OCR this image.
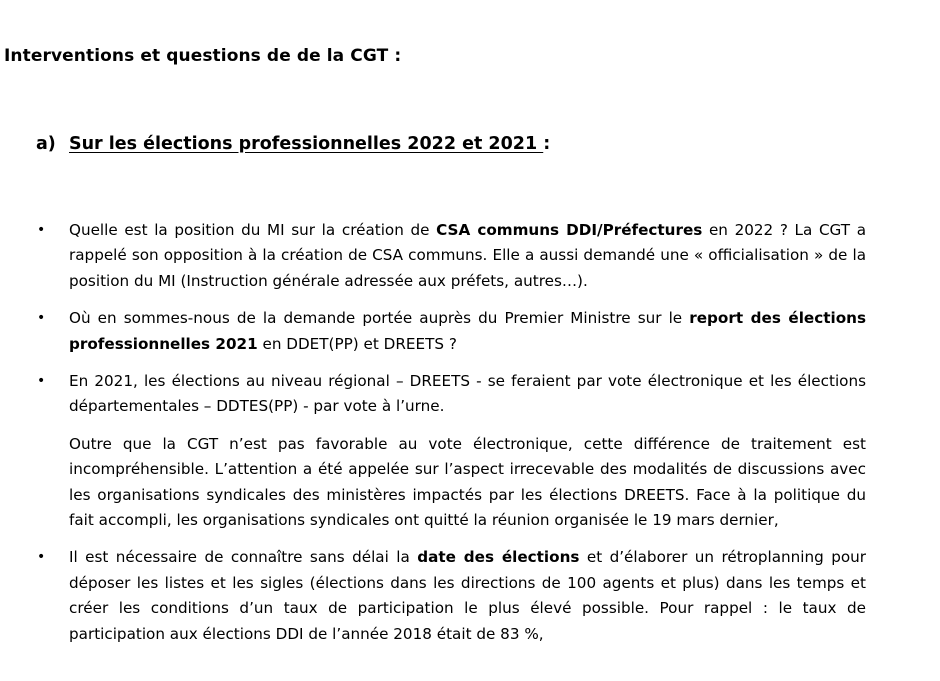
Interventions et questions de de la CGT :
a) Sur les élections professionnelles 2022 et 2021 :
• Quelle est la position du MI sur la création de CSA communs DDI/Préfectures en 2022 ? La CGT a rappelé son opposition à la création de CSA communs. Elle a aussi demandé une « officialisation » de la position du MI (Instruction générale adressée aux préfets, autres…).

• Où en sommes-nous de la demande portée auprès du Premier Ministre sur le report des élections professionnelles 2021 en DDET(PP) et DREETS ?

• En 2021, les élections au niveau régional – DREETS - se feraient par vote électronique et les élections départementales – DDTES(PP) - par vote à l’urne.

Outre que la CGT n’est pas favorable au vote électronique, cette différence de traitement est incompréhensible. L’attention a été appelée sur l’aspect irrecevable des modalités de discussions avec les organisations syndicales des ministères impactés par les élections DREETS. Face à la politique du fait accompli, les organisations syndicales ont quitté la réunion organisée le 19 mars dernier,

• Il est nécessaire de connaître sans délai la date des élections et d’élaborer un rétroplanning pour déposer les listes et les sigles (élections dans les directions de 100 agents et plus) dans les temps et créer les conditions d’un taux de participation le plus élevé possible. Pour rappel : le taux de participation aux élections DDI de l’année 2018 était de 83 %,
